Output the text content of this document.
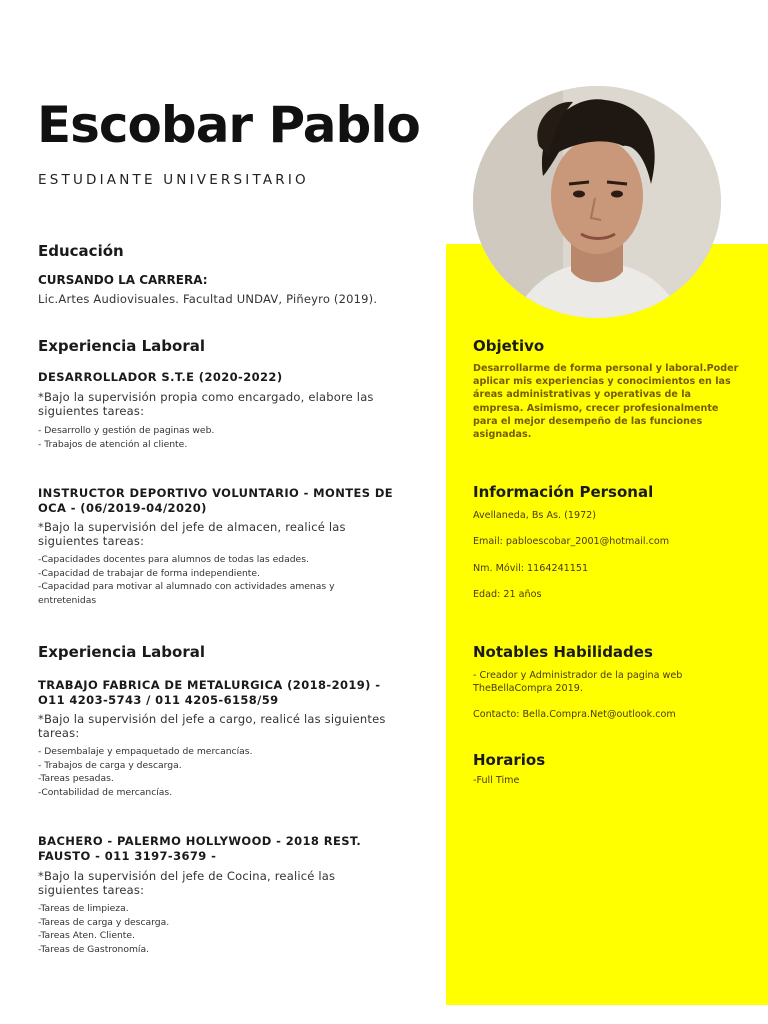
Escobar Pablo
ESTUDIANTE UNIVERSITARIO
Educación
CURSANDO LA CARRERA:
Lic.Artes Audiovisuales. Facultad UNDAV, Piñeyro (2019).
Experiencia Laboral
DESARROLLADOR S.T.E (2020-2022)
*Bajo la supervisión propia como encargado, elabore las siguientes tareas:
- Desarrollo y gestión de paginas web.
- Trabajos de atención al cliente.
INSTRUCTOR DEPORTIVO VOLUNTARIO - MONTES DE OCA - (06/2019-04/2020)
*Bajo la supervisión del jefe de almacen, realicé las siguientes tareas:
-Capacidades docentes para alumnos de todas las edades.
-Capacidad de trabajar de forma independiente.
-Capacidad para motivar al alumnado con actividades amenas y entretenidas
Experiencia Laboral
TRABAJO FABRICA DE METALURGICA (2018-2019) - O11 4203-5743 / 011 4205-6158/59
*Bajo la supervisión del jefe a cargo, realicé las siguientes tareas:
- Desembalaje y empaquetado de mercancías.
- Trabajos de carga y descarga.
-Tareas pesadas.
-Contabilidad de mercancías.
BACHERO - PALERMO HOLLYWOOD - 2018 REST. FAUSTO - 011 3197-3679 -
*Bajo la supervisión del jefe de Cocina, realicé las siguientes tareas:
-Tareas de limpieza.
-Tareas de carga y descarga.
-Tareas Aten. Cliente.
-Tareas de Gastronomía.
Objetivo
Desarrollarme de forma personal y laboral.Poder aplicar mis experiencias y conocimientos en las áreas administrativas y operativas de la empresa. Asimismo, crecer profesionalmente para el mejor desempeño de las funciones asignadas.
Información Personal
Avellaneda, Bs As. (1972)
Email: pabloescobar_2001@hotmail.com
Nm. Móvil: 1164241151
Edad: 21 años
Notables Habilidades
- Creador y Administrador de la pagina web
TheBellaCompra 2019.
Contacto: Bella.Compra.Net@outlook.com
Horarios
-Full Time
